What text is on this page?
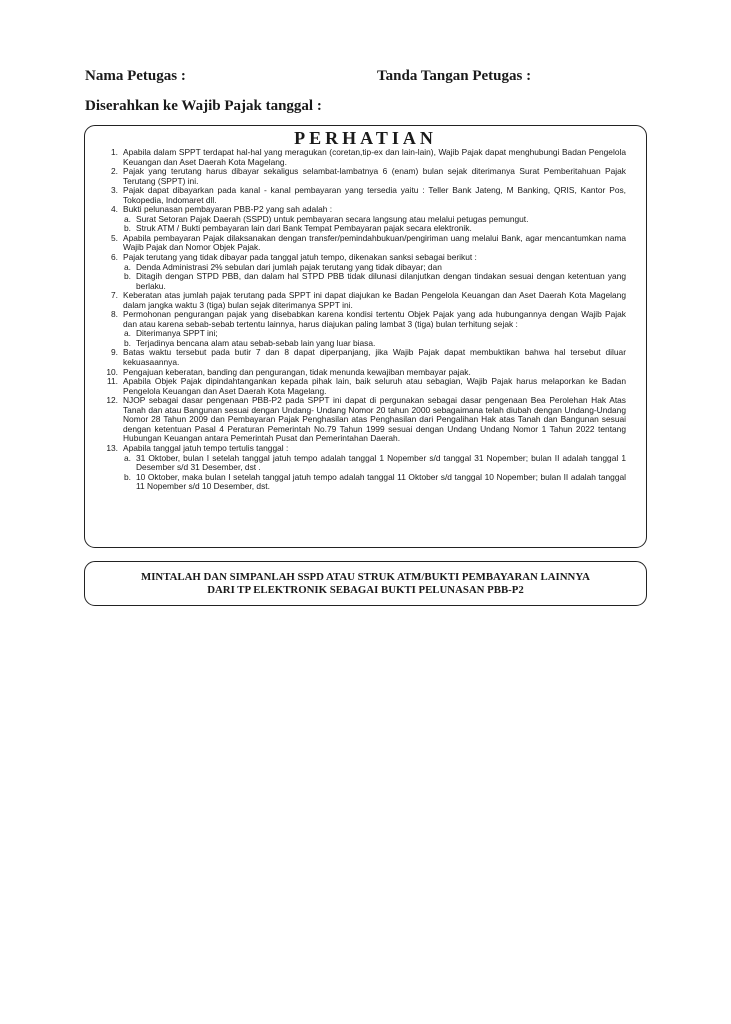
Nama Petugas :	Tanda Tangan Petugas :
Diserahkan ke Wajib Pajak tanggal :
PERHATIAN
1. Apabila dalam SPPT terdapat hal-hal yang meragukan (coretan,tip-ex dan lain-lain), Wajib Pajak dapat menghubungi Badan Pengelola Keuangan dan Aset Daerah Kota Magelang.
2. Pajak yang terutang harus dibayar sekaligus selambat-lambatnya 6 (enam) bulan sejak diterimanya Surat Pemberitahuan Pajak Terutang (SPPT) ini.
3. Pajak dapat dibayarkan pada kanal - kanal pembayaran yang tersedia yaitu : Teller Bank Jateng, M Banking, QRIS, Kantor Pos, Tokopedia, Indomaret dll.
4. Bukti pelunasan pembayaran PBB-P2 yang sah adalah :
a. Surat Setoran Pajak Daerah (SSPD) untuk pembayaran secara langsung atau melalui petugas pemungut.
b. Struk ATM / Bukti pembayaran lain dari Bank Tempat Pembayaran pajak secara elektronik.
5. Apabila pembayaran Pajak dilaksanakan dengan transfer/pemindahbukuan/pengiriman uang melalui Bank, agar mencantumkan nama Wajib Pajak dan Nomor Objek Pajak.
6. Pajak terutang yang tidak dibayar pada tanggal jatuh tempo, dikenakan sanksi sebagai berikut :
a. Denda Administrasi 2% sebulan dari jumlah pajak terutang yang tidak dibayar; dan
b. Ditagih dengan STPD PBB, dan dalam hal STPD PBB tidak dilunasi dilanjutkan dengan tindakan sesuai dengan ketentuan yang berlaku.
7. Keberatan atas jumlah pajak terutang pada SPPT ini dapat diajukan ke Badan Pengelola Keuangan dan Aset Daerah Kota Magelang dalam jangka waktu 3 (tiga) bulan sejak diterimanya SPPT ini.
8. Permohonan pengurangan pajak yang disebabkan karena kondisi tertentu Objek Pajak yang ada hubungannya dengan Wajib Pajak dan atau karena sebab-sebab tertentu lainnya, harus diajukan paling lambat 3 (tiga) bulan terhitung sejak :
a. Diterimanya SPPT ini;
b. Terjadinya bencana alam atau sebab-sebab lain yang luar biasa.
9. Batas waktu tersebut pada butir 7 dan 8 dapat diperpanjang, jika Wajib Pajak dapat membuktikan bahwa hal tersebut diluar kekuasaannya.
10. Pengajuan keberatan, banding dan pengurangan, tidak menunda kewajiban membayar pajak.
11. Apabila Objek Pajak dipindahtangankan kepada pihak lain, baik seluruh atau sebagian, Wajib Pajak harus melaporkan ke Badan Pengelola Keuangan dan Aset Daerah Kota Magelang.
12. NJOP sebagai dasar pengenaan PBB-P2 pada SPPT ini dapat di pergunakan sebagai dasar pengenaan Bea Perolehan Hak Atas Tanah dan atau Bangunan sesuai dengan Undang- Undang Nomor 20 tahun 2000 sebagaimana telah diubah dengan Undang-Undang Nomor 28 Tahun 2009 dan Pembayaran Pajak Penghasilan atas Penghasilan dari Pengalihan Hak atas Tanah dan Bangunan sesuai dengan ketentuan Pasal 4 Peraturan Pemerintah No.79 Tahun 1999 sesuai dengan Undang Undang Nomor 1 Tahun 2022 tentang Hubungan Keuangan antara Pemerintah Pusat dan Pemerintahan Daerah.
13. Apabila tanggal jatuh tempo tertulis tanggal :
a. 31 Oktober, bulan I setelah tanggal jatuh tempo adalah tanggal 1 Nopember s/d tanggal 31 Nopember; bulan II adalah tanggal 1 Desember s/d 31 Desember, dst .
b. 10 Oktober, maka bulan I setelah tanggal jatuh tempo adalah tanggal 11 Oktober s/d tanggal 10 Nopember; bulan II adalah tanggal 11 Nopember s/d 10 Desember, dst.
MINTALAH DAN SIMPANLAH SSPD ATAU STRUK ATM/BUKTI PEMBAYARAN LAINNYA
DARI TP ELEKTRONIK SEBAGAI BUKTI PELUNASAN PBB-P2
